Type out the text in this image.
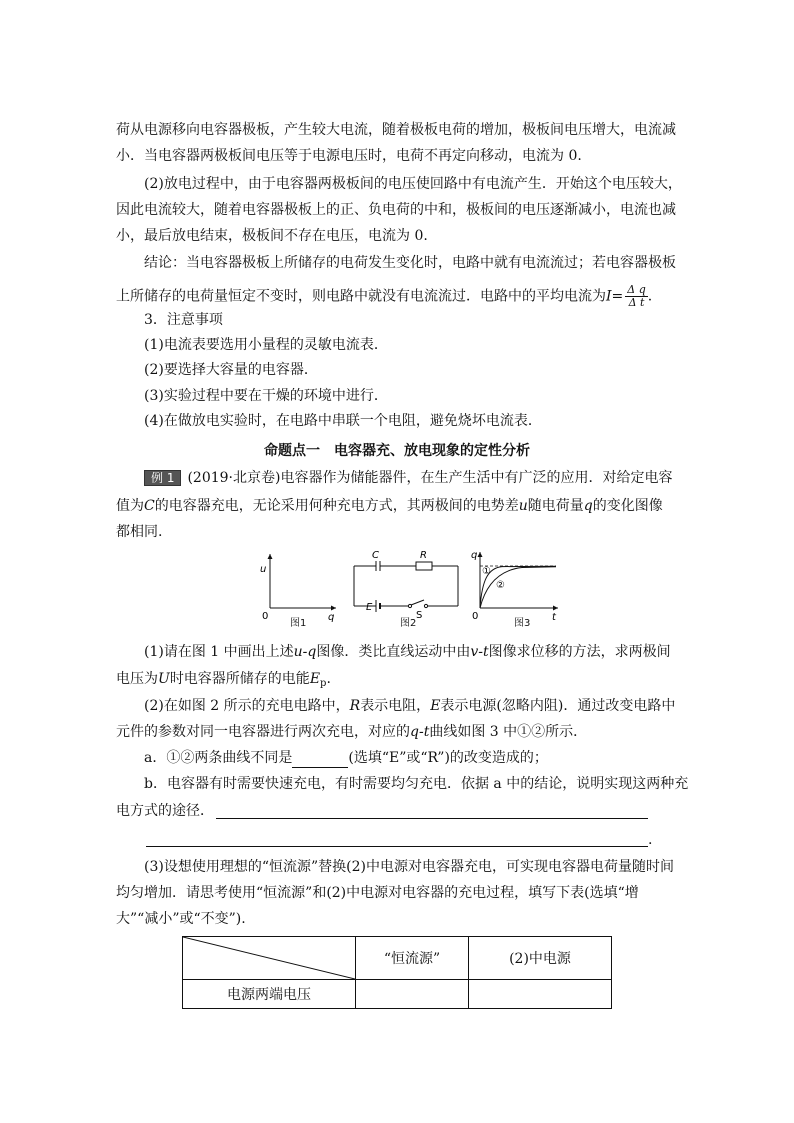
荷从电源移向电容器极板，产生较大电流，随着极板电荷的增加，极板间电压增大，电流减
小．当电容器两极板间电压等于电源电压时，电荷不再定向移动，电流为 0.
(2)放电过程中，由于电容器两极板间的电压使回路中有电流产生．开始这个电压较大，
因此电流较大，随着电容器极板上的正、负电荷的中和，极板间的电压逐渐减小，电流也减
小，最后放电结束，极板间不存在电压，电流为 0.
结论：当电容器极板上所储存的电荷发生变化时，电路中就有电流流过；若电容器极板
上所储存的电荷量恒定不变时，则电路中就没有电流流过．电路中的平均电流为$I= \frac{\text{Δ q}}{\text{Δ t}}$ .
3．注意事项
(1)电流表要选用小量程的灵敏电流表．
(2)要选择大容量的电容器．
(3)实验过程中要在干燥的环境中进行．
(4)在做放电实验时，在电路中串联一个电阻，避免烧坏电流表．
命题点一　电容器充、放电现象的定性分析
例 1 (2019·北京卷)电容器作为储能器件，在生产生活中有广泛的应用．对给定电容
值为C的电容器充电，无论采用何种充电方式，其两极间的电势差u随电荷量q的变化图像
都相同.
u
q
0
图1
C	R
E
S
图2
①
②
q
t
0
图3
(1)请在图 1 中画出上述u-q图像．类比直线运动中由v-t图像求位移的方法，求两极间
电压为U时电容器所储存的电能$E_p$.
(2)在如图 2 所示的充电电路中，R表示电阻，E表示电源(忽略内阻)．通过改变电路中
元件的参数对同一电容器进行两次充电，对应的q-t曲线如图 3 中①②所示．
a．①②两条曲线不同是	(选填“E”或“R”)的改变造成的；
b．电容器有时需要快速充电，有时需要均匀充电．依据 a 中的结论，说明实现这两种充
电方式的途径．
.
(3)设想使用理想的“恒流源”替换(2)中电源对电容器充电，可实现电容器电荷量随时间
均匀增加．请思考使用“恒流源”和(2)中电源对电容器的充电过程，填写下表(选填“增
大”“减小”或“不变”).
	“恒流源”	(2)中电源
电源两端电压		
